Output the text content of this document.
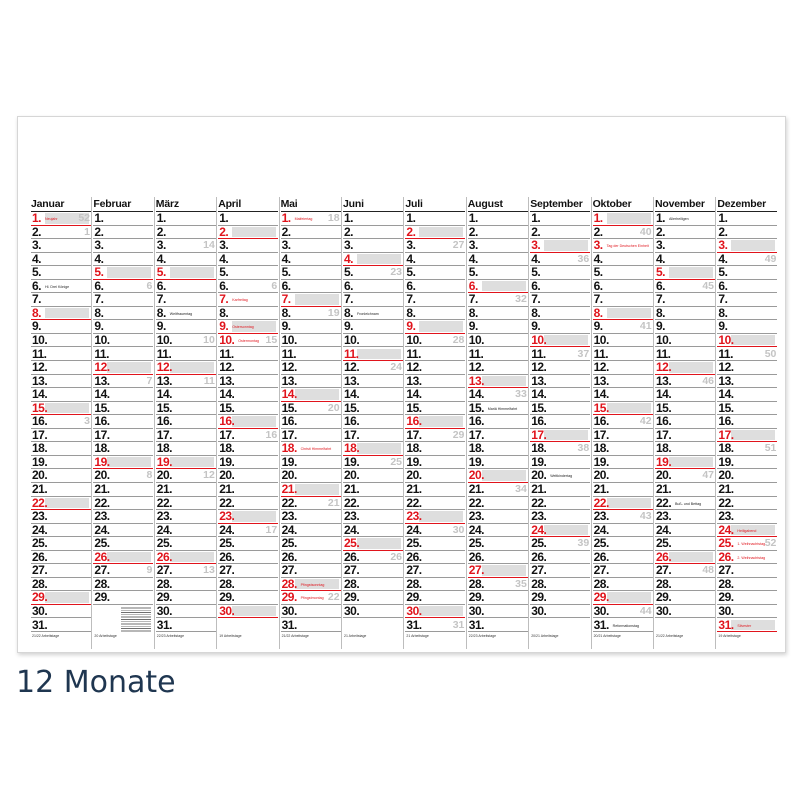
Januar
1. Neujahr 52
2.	1
3.
4.
5.
6. Hl. Drei Könige
7.
8.
9.
10.
11.
12.
13.
14.
15.
16.	3
17.
18.
19.
20.
21.
22.
23.
24.
25.
26.
27.
28.
29.
30.
31.
21/22 Arbeitstage
Februar
1.
2.
3.
4.
5.
6.	6
7.
8.
9.
10.
11.
12.
13.	7
14.
15.
16.
17.
18.
19.
20.	8
21.
22.
23.
24.
25.
26.
27.	9
28.
29.
20 Arbeitstage
März
1.
2.
3.	14
4.
5.
6.
7.
8. Weltfrauentag
9.
10.	10
11.
12.
13.	11
14.
15.
16.
17.
18.
19.
20.	12
21.
22.
23.
24.
25.
26.
27.	13
28.
29.
30.
31.
22/23 Arbeitstage
April
1.
2.
3.
4.
5.
6.	6
7. Karfreitag
8.
9. Ostersonntag
10. Ostermontag 15
11.
12.
13.
14.
15.
16.
17.	16
18.
19.
20.
21.
22.
23.
24.	17
25.
26.
27.
28.
29.
30.
19 Arbeitstage
Mai
1. Maifeiertag 18
2.
3.
4.
5.
6.
7.
8.	19
9.
10.
11.
12.
13.
14.
15.	20
16.
17.
18. Christi Himmelfahrt
19.
20.
21.
22.	21
23.
24.
25.
26.
27.
28. Pfingstsonntag
29. Pfingstmontag 22
30.
31.
21/22 Arbeitstage
Juni
1.
2.
3.
4.
5.	23
6.
7.
8. Fronleichnam
9.
10.
11.
12.	24
13.
14.
15.
16.
17.
18.
19.	25
20.
21.
22.
23.
24.
25.
26.	26
27.
28.
29.
30.
21 Arbeitstage
Juli
1.
2.
3.	27
4.
5.
6.
7.
8.
9.
10.	28
11.
12.
13.
14.
15.
16.
17.	29
18.
19.
20.
21.
22.
23.
24.	30
25.
26.
27.
28.
29.
30.
31.	31
21 Arbeitstage
August
1.
2.
3.
4.
5.
6.
7.	32
8.
9.
10.
11.
12.
13.
14.	33
15. Mariä Himmelfahrt
16.
17.
18.
19.
20.
21.	34
22.
23.
24.
25.
26.
27.
28.	35
29.
30.
31.
22/23 Arbeitstage
September
1.
2.
3.
4.	36
5.
6.
7.
8.
9.
10.
11.	37
12.
13.
14.
15.
16.
17.
18.	38
19.
20. Weltkindertag
21.
22.
23.
24.
25.	39
26.
27.
28.
29.
30.
20/21 Arbeitstage
Oktober
1.
2.	40
3. Tag der Deutschen Einheit
4.
5.
6.
7.
8.
9.	41
10.
11.
12.
13.
14.
15.
16.	42
17.
18.
19.
20.
21.
22.
23.	43
24.
25.
26.
27.
28.
29.
30.	44
31. Reformationstag
20/21 Arbeitstage
November
1. Allerheiligen
2.
3.
4.
5.
6.	45
7.
8.
9.
10.
11.
12.
13.	46
14.
15.
16.
17.
18.
19.
20.	47
21.
22. Buß- und Bettag
23.
24.
25.
26.
27.	48
28.
29.
30.
21/22 Arbeitstage
Dezember
1.
2.
3.
4.	49
5.
6.
7.
8.
9.
10.
11.	50
12.
13.
14.
15.
16.
17.
18.	51
19.
20.
21.
22.
23.
24. Heiligabend
25. 1. Weihnachtstag 52
26. 2. Weihnachtstag
27.
28.
29.
30.
31. Silvester
19 Arbeitstage
12 Monate
